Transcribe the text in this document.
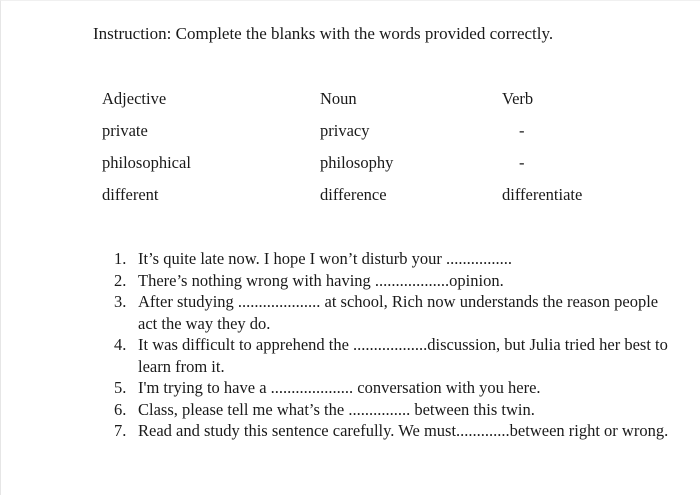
Instruction: Complete the blanks with the words provided correctly.
Adjective	Noun	Verb
private	privacy	-
philosophical	philosophy	-
different	difference	differentiate
1. It’s quite late now. I hope I won’t disturb your ................
2. There’s nothing wrong with having ..................opinion.
3. After studying .................... at school, Rich now understands the reason people act the way they do.
4. It was difficult to apprehend the ..................discussion, but Julia tried her best to learn from it.
5. I'm trying to have a .................... conversation with you here.
6. Class, please tell me what’s the ............... between this twin.
7. Read and study this sentence carefully. We must.............between right or wrong.
